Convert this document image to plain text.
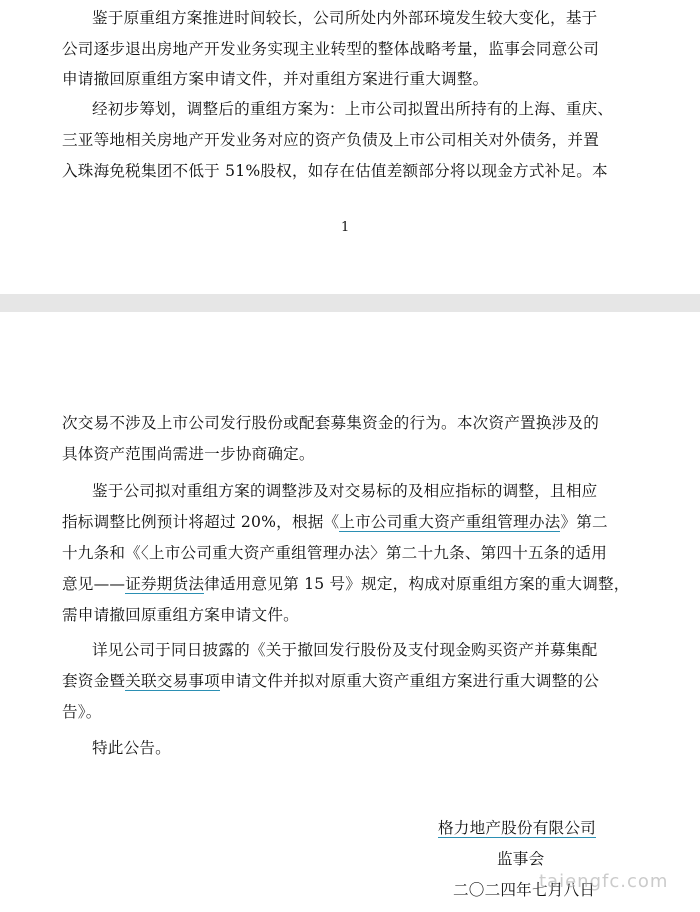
鉴于原重组方案推进时间较长，公司所处内外部环境发生较大变化，基于
公司逐步退出房地产开发业务实现主业转型的整体战略考量，监事会同意公司
申请撤回原重组方案申请文件，并对重组方案进行重大调整。
经初步筹划，调整后的重组方案为：上市公司拟置出所持有的上海、重庆、
三亚等地相关房地产开发业务对应的资产负债及上市公司相关对外债务，并置
入珠海免税集团不低于 51%股权，如存在估值差额部分将以现金方式补足。本
1
次交易不涉及上市公司发行股份或配套募集资金的行为。本次资产置换涉及的
具体资产范围尚需进一步协商确定。
鉴于公司拟对重组方案的调整涉及对交易标的及相应指标的调整，且相应
指标调整比例预计将超过 20%，根据《上市公司重大资产重组管理办法》第二
十九条和《〈上市公司重大资产重组管理办法〉第二十九条、第四十五条的适用
意见——证券期货法律适用意见第 15 号》规定，构成对原重组方案的重大调整，
需申请撤回原重组方案申请文件。
详见公司于同日披露的《关于撤回发行股份及支付现金购买资产并募集配
套资金暨关联交易事项申请文件并拟对原重大资产重组方案进行重大调整的公
告》。
特此公告。
格力地产股份有限公司
监事会
二〇二四年七月八日
taiengfc.com
